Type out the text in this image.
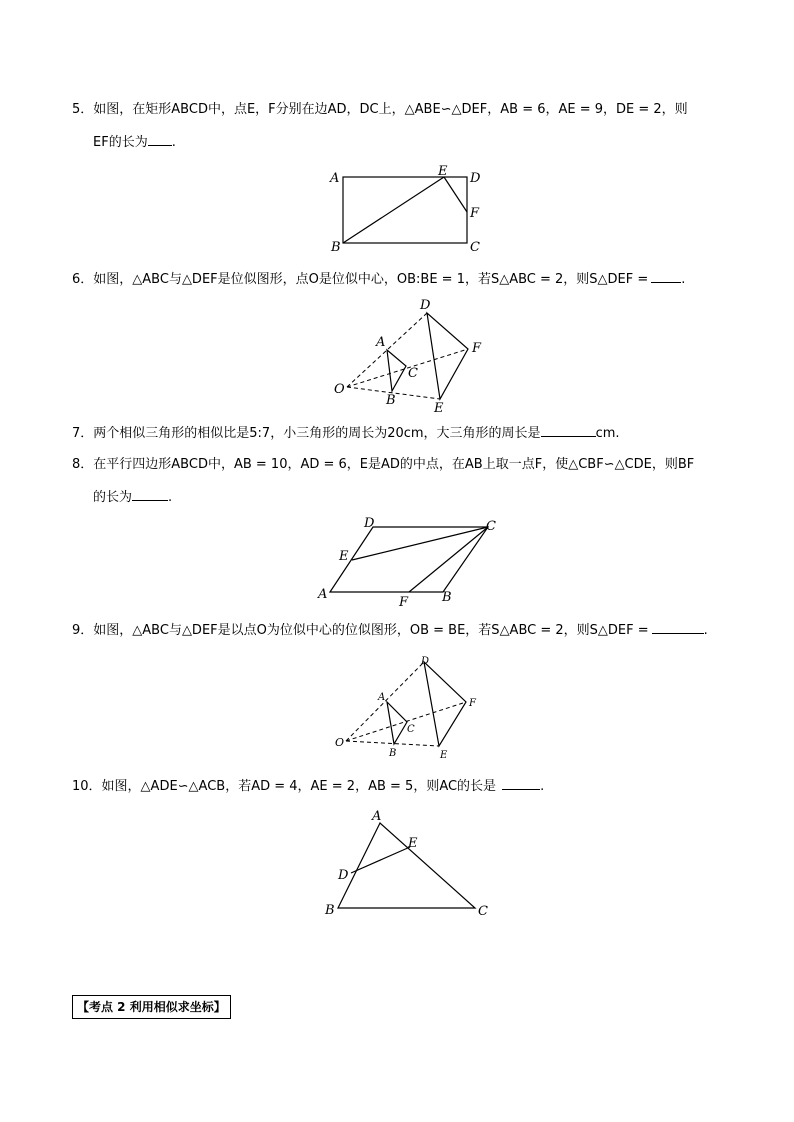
5．如图，在矩形ABCD中，点E，F分别在边AD，DC上，△ABE∽△DEF，AB = 6，AE = 9，DE = 2，则
EF的长为 .
A
B	C
D
E
F
6．如图，△ABC与△DEF是位似图形，点O是位似中心，OB:BE = 1，若S△ABC = 2，则S△DEF =	.
O
A
B
C
D
E
F
7．两个相似三角形的相似比是5:7，小三角形的周长为20cm，大三角形的周长是	cm.
8．在平行四边形ABCD中，AB = 10，AD = 6，E是AD的中点，在AB上取一点F，使△CBF∽△CDE，则BF
的长为	.
A	B
C
D
E
F
9．如图，△ABC与△DEF是以点O为位似中心的位似图形，OB = BE，若S△ABC = 2，则S△DEF =	.
O
A
B
C
D
E
F
10．如图，△ADE∽△ACB，若AD = 4，AE = 2，AB = 5，则AC的长是	.
A
B	C
D
E
【考点 2 利用相似求坐标】
